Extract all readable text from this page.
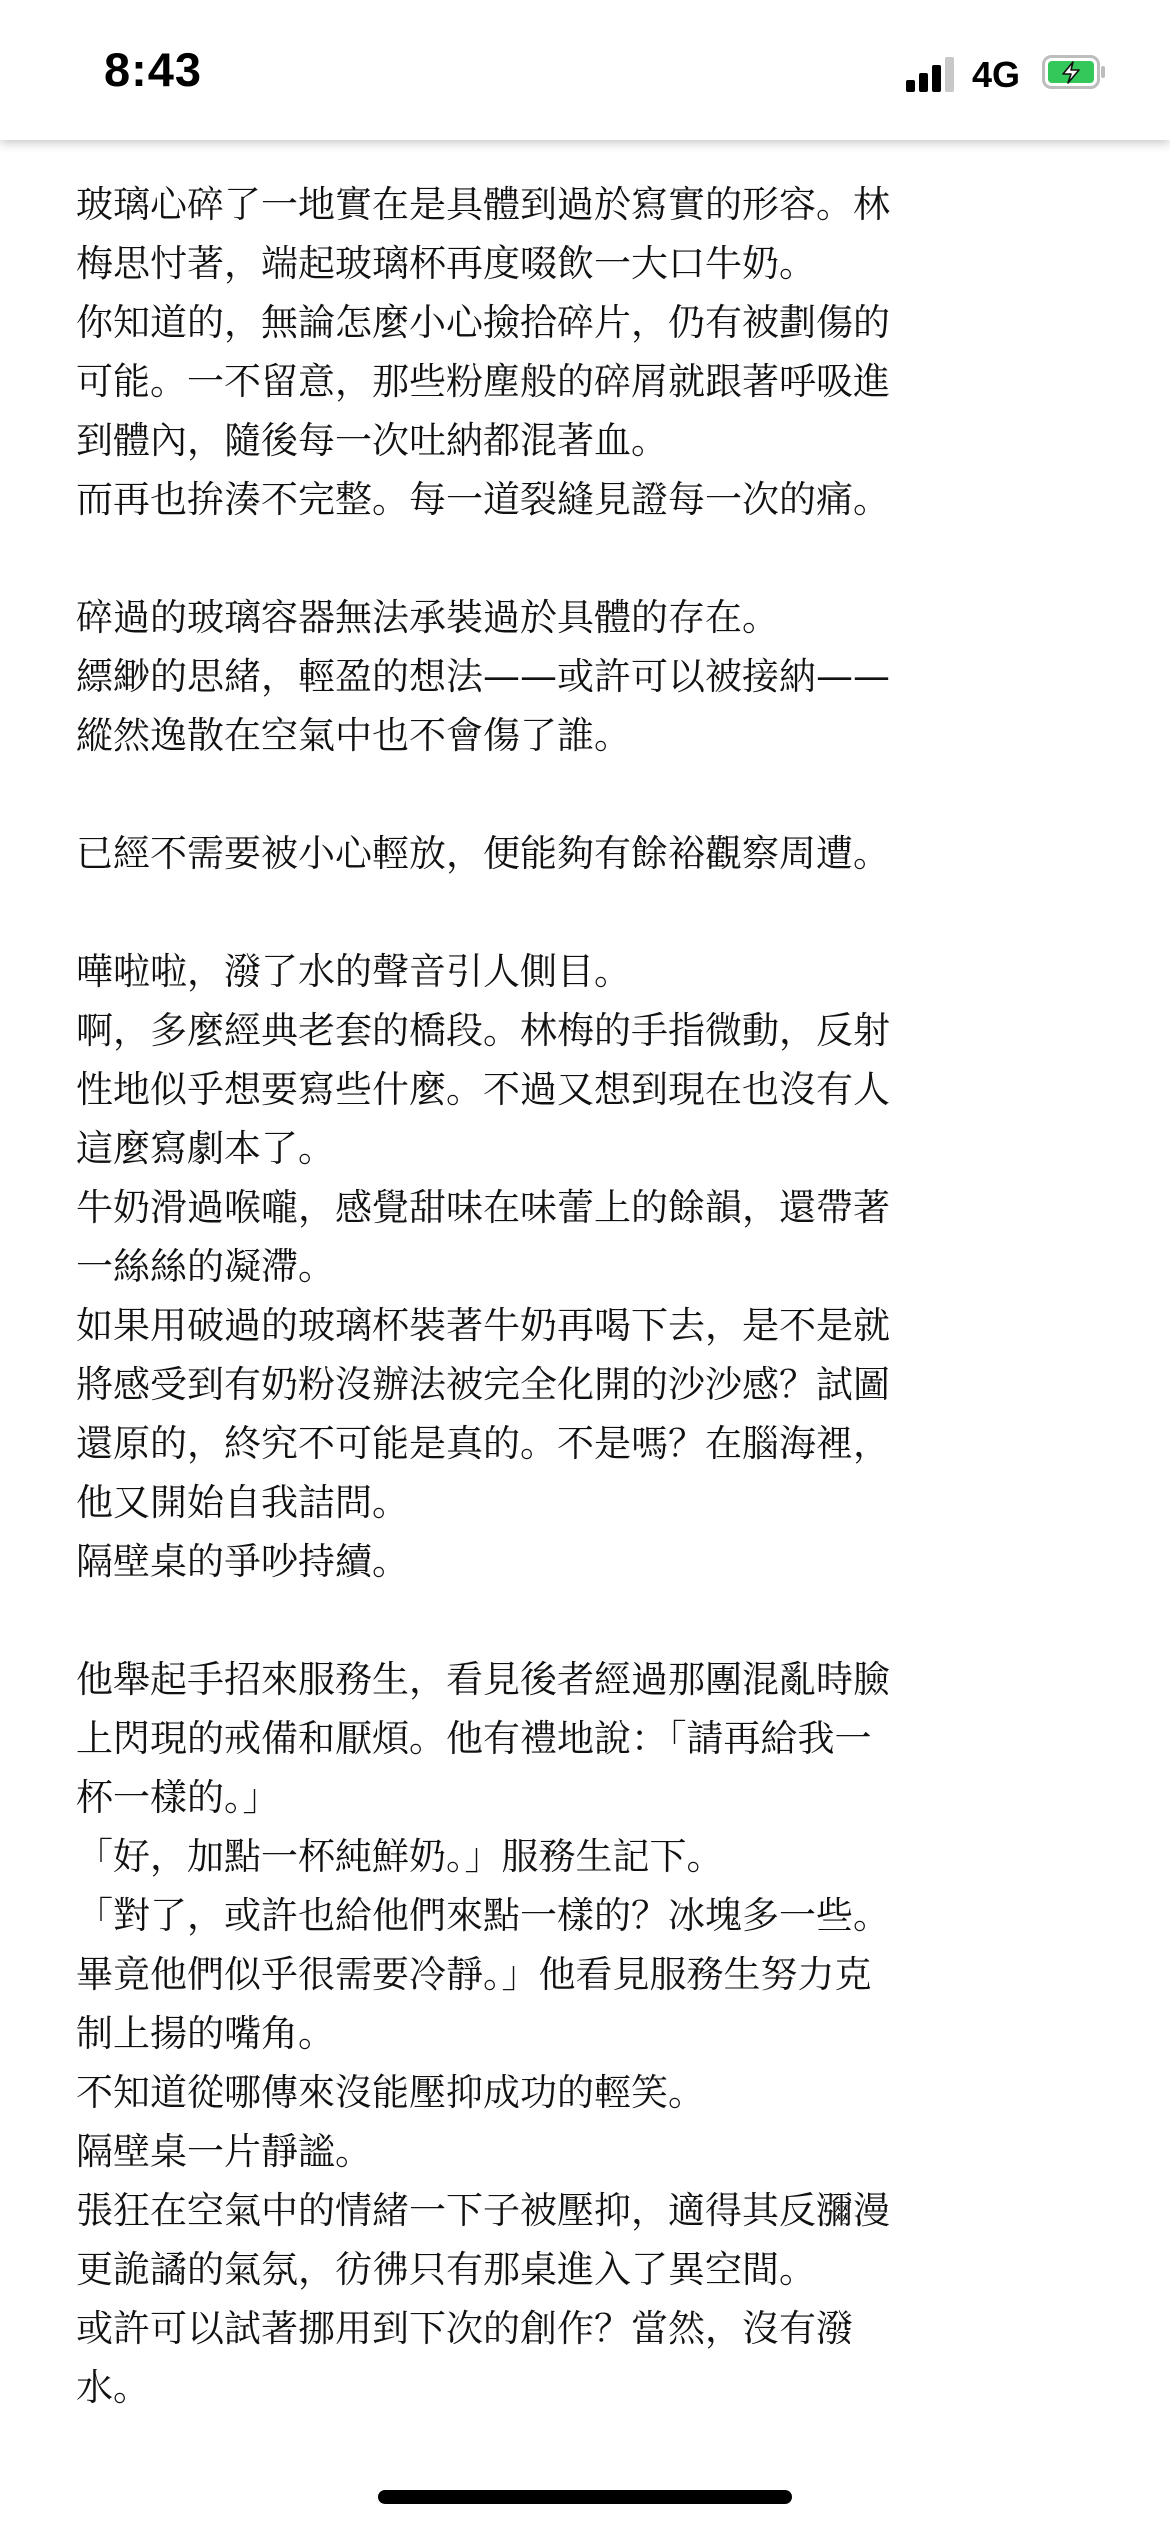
8:43	4G
玻璃心碎了一地實在是具體到過於寫實的形容。林
梅思忖著，端起玻璃杯再度啜飲一大口牛奶。
你知道的，無論怎麼小心撿拾碎片，仍有被劃傷的
可能。一不留意，那些粉塵般的碎屑就跟著呼吸進
到體內，隨後每一次吐納都混著血。
而再也拚湊不完整。每一道裂縫見證每一次的痛。
碎過的玻璃容器無法承裝過於具體的存在。
縹緲的思緒，輕盈的想法——或許可以被接納——
縱然逸散在空氣中也不會傷了誰。
已經不需要被小心輕放，便能夠有餘裕觀察周遭。
嘩啦啦，潑了水的聲音引人側目。
啊，多麼經典老套的橋段。林梅的手指微動，反射
性地似乎想要寫些什麼。不過又想到現在也沒有人
這麼寫劇本了。
牛奶滑過喉嚨，感覺甜味在味蕾上的餘韻，還帶著
一絲絲的凝滯。
如果用破過的玻璃杯裝著牛奶再喝下去，是不是就
將感受到有奶粉沒辦法被完全化開的沙沙感？試圖
還原的，終究不可能是真的。不是嗎？在腦海裡，
他又開始自我詰問。
隔壁桌的爭吵持續。
他舉起手招來服務生，看見後者經過那團混亂時臉
上閃現的戒備和厭煩。他有禮地說：「請再給我一
杯一樣的。」
「好，加點一杯純鮮奶。」服務生記下。
「對了，或許也給他們來點一樣的？冰塊多一些。
畢竟他們似乎很需要冷靜。」他看見服務生努力克
制上揚的嘴角。
不知道從哪傳來沒能壓抑成功的輕笑。
隔壁桌一片靜謐。
張狂在空氣中的情緒一下子被壓抑，適得其反瀰漫
更詭譎的氣氛，彷彿只有那桌進入了異空間。
或許可以試著挪用到下次的創作？當然，沒有潑
水。
